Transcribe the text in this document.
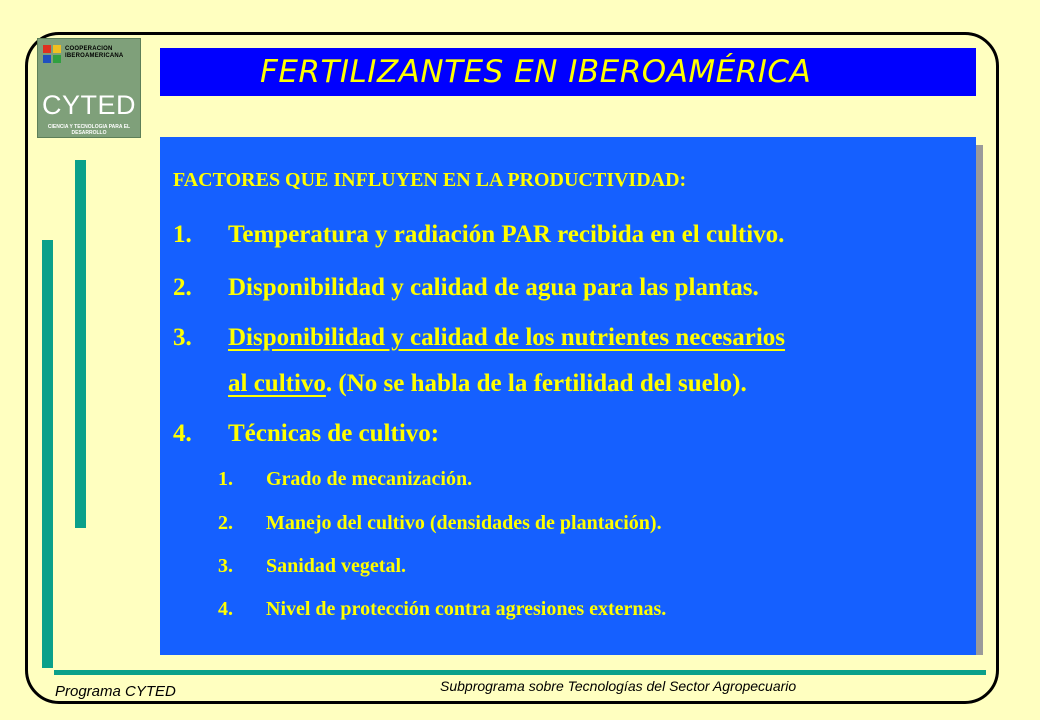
COOPERACION
IBEROAMERICANA
CYTED
CIENCIA Y TECNOLOGIA PARA EL DESARROLLO
FERTILIZANTES EN IBEROAMÉRICA
FACTORES QUE INFLUYEN EN LA PRODUCTIVIDAD:
1. Temperatura y radiación PAR recibida en el cultivo.
2. Disponibilidad y calidad de agua para las plantas.
3. Disponibilidad y calidad de los nutrientes necesarios
al cultivo. (No se habla de la fertilidad del suelo).
4. Técnicas de cultivo:
1. Grado de mecanización.
2. Manejo del cultivo (densidades de plantación).
3. Sanidad vegetal.
4. Nivel de protección contra agresiones externas.
Programa CYTED	Subprograma sobre Tecnologías del Sector Agropecuario
